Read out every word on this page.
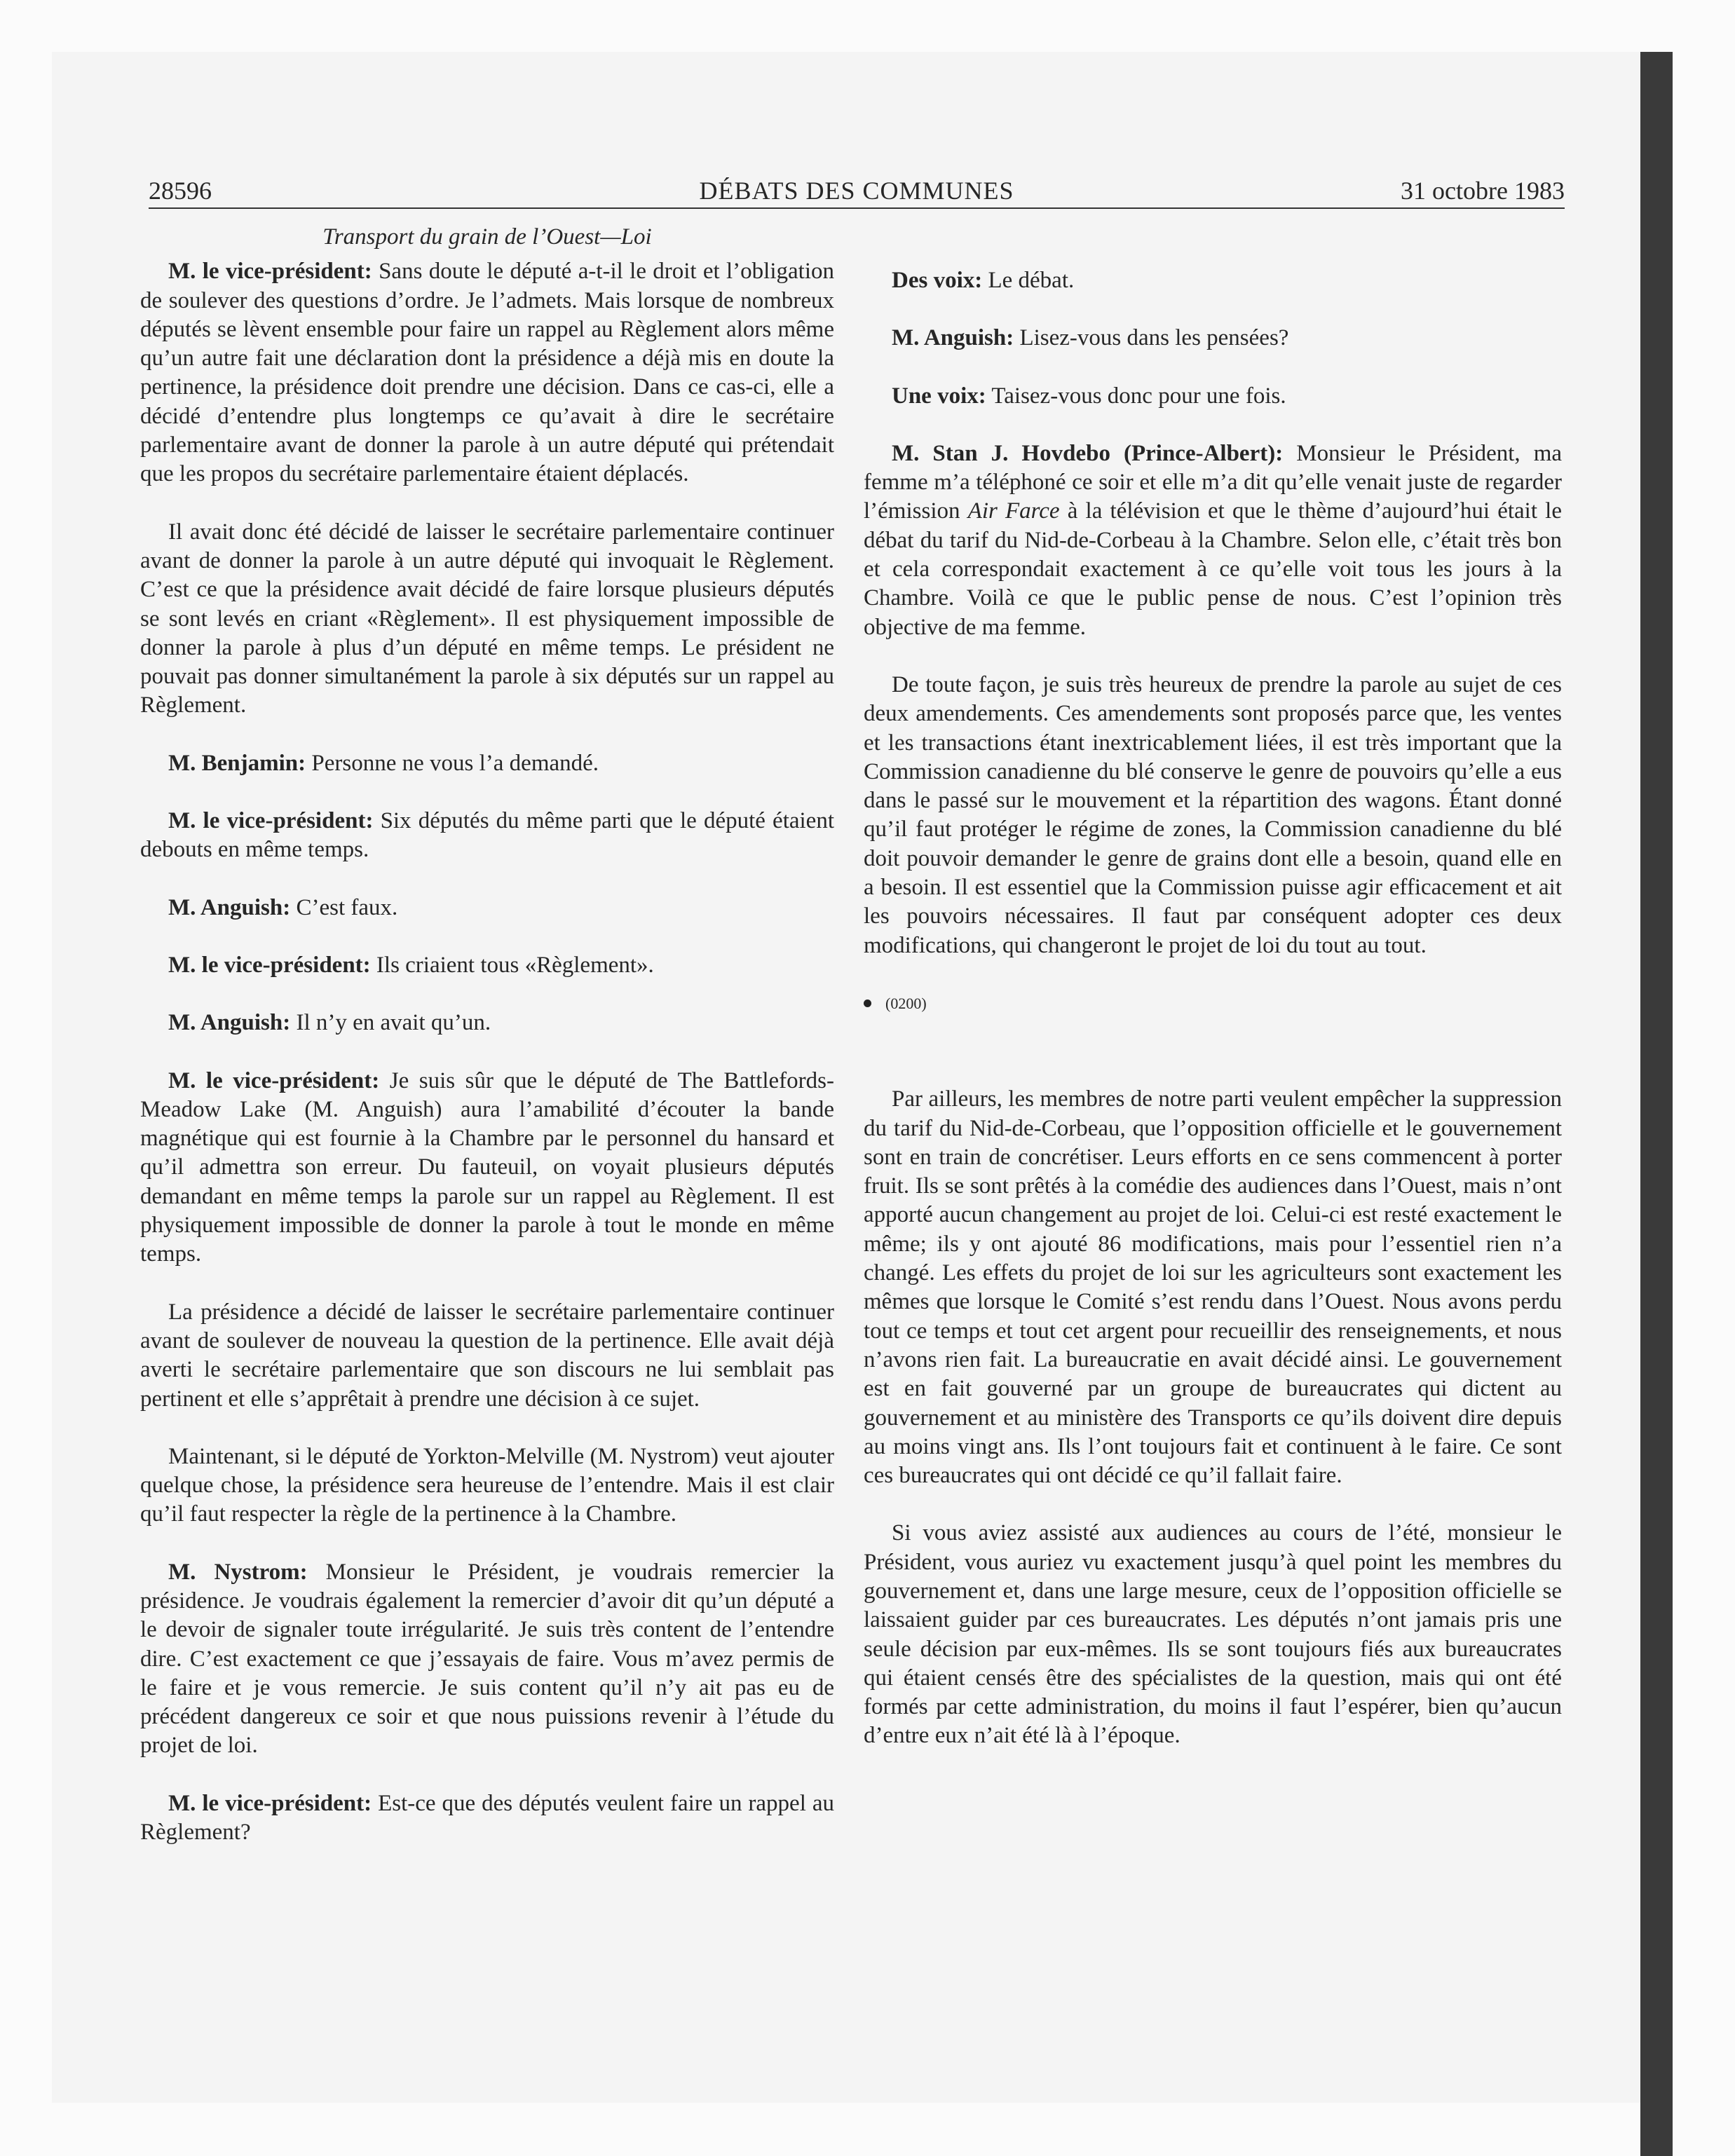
28596	DÉBATS DES COMMUNES	31 octobre 1983

Transport du grain de l’Ouest—Loi

M. le vice-président: Sans doute le député a-t-il le droit et l’obligation de soulever des questions d’ordre. Je l’admets. Mais lorsque de nombreux députés se lèvent ensemble pour faire un rappel au Règlement alors même qu’un autre fait une déclaration dont la présidence a déjà mis en doute la pertinence, la présidence doit prendre une décision. Dans ce cas-ci, elle a décidé d’entendre plus longtemps ce qu’avait à dire le secrétaire parlementaire avant de donner la parole à un autre député qui prétendait que les propos du secrétaire parlementaire étaient déplacés.

Il avait donc été décidé de laisser le secrétaire parlementaire continuer avant de donner la parole à un autre député qui invoquait le Règlement. C’est ce que la présidence avait décidé de faire lorsque plusieurs députés se sont levés en criant «Règlement». Il est physiquement impossible de donner la parole à plus d’un député en même temps. Le président ne pouvait pas donner simultanément la parole à six députés sur un rappel au Règlement.

M. Benjamin: Personne ne vous l’a demandé.

M. le vice-président: Six députés du même parti que le député étaient debouts en même temps.

M. Anguish: C’est faux.

M. le vice-président: Ils criaient tous «Règlement».

M. Anguish: Il n’y en avait qu’un.

M. le vice-président: Je suis sûr que le député de The Battlefords-Meadow Lake (M. Anguish) aura l’amabilité d’écouter la bande magnétique qui est fournie à la Chambre par le personnel du hansard et qu’il admettra son erreur. Du fauteuil, on voyait plusieurs députés demandant en même temps la parole sur un rappel au Règlement. Il est physiquement impossible de donner la parole à tout le monde en même temps.

La présidence a décidé de laisser le secrétaire parlementaire continuer avant de soulever de nouveau la question de la pertinence. Elle avait déjà averti le secrétaire parlementaire que son discours ne lui semblait pas pertinent et elle s’apprêtait à prendre une décision à ce sujet.

Maintenant, si le député de Yorkton-Melville (M. Nystrom) veut ajouter quelque chose, la présidence sera heureuse de l’entendre. Mais il est clair qu’il faut respecter la règle de la pertinence à la Chambre.

M. Nystrom: Monsieur le Président, je voudrais remercier la présidence. Je voudrais également la remercier d’avoir dit qu’un député a le devoir de signaler toute irrégularité. Je suis très content de l’entendre dire. C’est exactement ce que j’essayais de faire. Vous m’avez permis de le faire et je vous remercie. Je suis content qu’il n’y ait pas eu de précédent dangereux ce soir et que nous puissions revenir à l’étude du projet de loi.

M. le vice-président: Est-ce que des députés veulent faire un rappel au Règlement?

Des voix: Le débat.

M. Anguish: Lisez-vous dans les pensées?

Une voix: Taisez-vous donc pour une fois.

M. Stan J. Hovdebo (Prince-Albert): Monsieur le Président, ma femme m’a téléphoné ce soir et elle m’a dit qu’elle venait juste de regarder l’émission Air Farce à la télévision et que le thème d’aujourd’hui était le débat du tarif du Nid-de-Corbeau à la Chambre. Selon elle, c’était très bon et cela correspondait exactement à ce qu’elle voit tous les jours à la Chambre. Voilà ce que le public pense de nous. C’est l’opinion très objective de ma femme.

De toute façon, je suis très heureux de prendre la parole au sujet de ces deux amendements. Ces amendements sont proposés parce que, les ventes et les transactions étant inextricablement liées, il est très important que la Commission canadienne du blé conserve le genre de pouvoirs qu’elle a eus dans le passé sur le mouvement et la répartition des wagons. Étant donné qu’il faut protéger le régime de zones, la Commission canadienne du blé doit pouvoir demander le genre de grains dont elle a besoin, quand elle en a besoin. Il est essentiel que la Commission puisse agir efficacement et ait les pouvoirs nécessaires. Il faut par conséquent adopter ces deux modifications, qui changeront le projet de loi du tout au tout.

(0200)

Par ailleurs, les membres de notre parti veulent empêcher la suppression du tarif du Nid-de-Corbeau, que l’opposition officielle et le gouvernement sont en train de concrétiser. Leurs efforts en ce sens commencent à porter fruit. Ils se sont prêtés à la comédie des audiences dans l’Ouest, mais n’ont apporté aucun changement au projet de loi. Celui-ci est resté exactement le même; ils y ont ajouté 86 modifications, mais pour l’essentiel rien n’a changé. Les effets du projet de loi sur les agriculteurs sont exactement les mêmes que lorsque le Comité s’est rendu dans l’Ouest. Nous avons perdu tout ce temps et tout cet argent pour recueillir des renseignements, et nous n’avons rien fait. La bureaucratie en avait décidé ainsi. Le gouvernement est en fait gouverné par un groupe de bureaucrates qui dictent au gouvernement et au ministère des Transports ce qu’ils doivent dire depuis au moins vingt ans. Ils l’ont toujours fait et continuent à le faire. Ce sont ces bureaucrates qui ont décidé ce qu’il fallait faire.

Si vous aviez assisté aux audiences au cours de l’été, monsieur le Président, vous auriez vu exactement jusqu’à quel point les membres du gouvernement et, dans une large mesure, ceux de l’opposition officielle se laissaient guider par ces bureaucrates. Les députés n’ont jamais pris une seule décision par eux-mêmes. Ils se sont toujours fiés aux bureaucrates qui étaient censés être des spécialistes de la question, mais qui ont été formés par cette administration, du moins il faut l’espérer, bien qu’aucun d’entre eux n’ait été là à l’époque.
